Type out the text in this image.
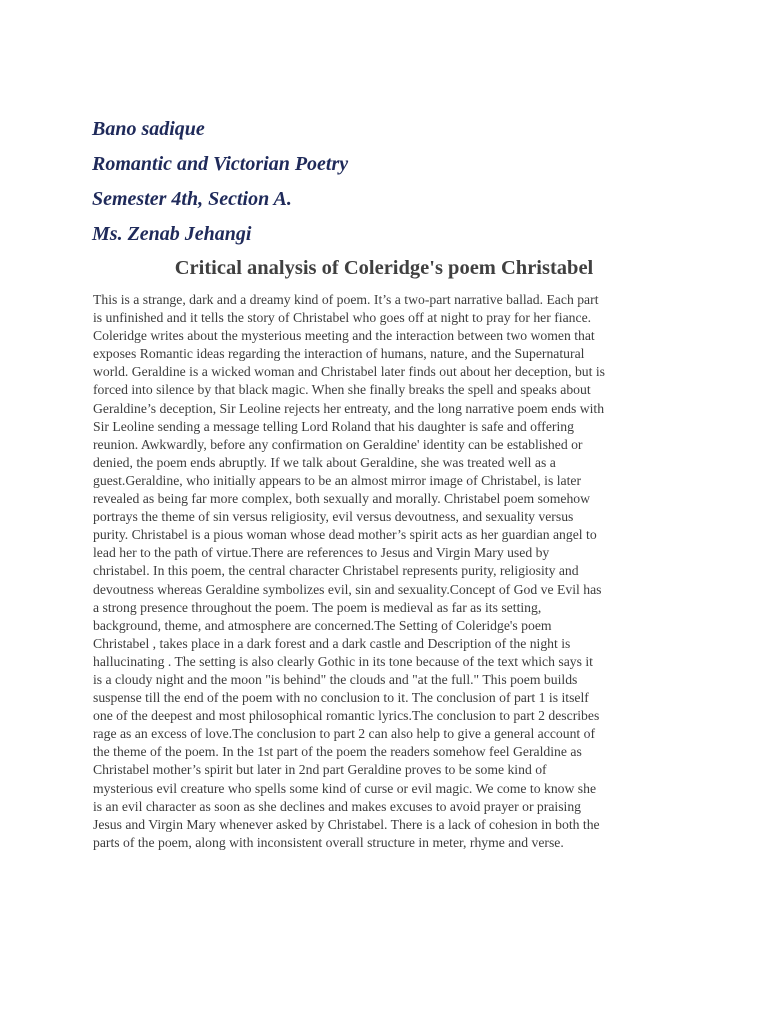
Bano sadique
Romantic and Victorian Poetry
Semester 4th, Section A.
Ms. Zenab Jehangi
Critical analysis of Coleridge's poem Christabel
This is a strange, dark and a dreamy kind of poem. It’s a two-part narrative ballad. Each part
is unfinished and it tells the story of Christabel who goes off at night to pray for her fiance.
Coleridge writes about the mysterious meeting and the interaction between two women that
exposes Romantic ideas regarding the interaction of humans, nature, and the Supernatural
world. Geraldine is a wicked woman and Christabel later finds out about her deception, but is
forced into silence by that black magic. When she finally breaks the spell and speaks about
Geraldine’s deception, Sir Leoline rejects her entreaty, and the long narrative poem ends with
Sir Leoline sending a message telling Lord Roland that his daughter is safe and offering
reunion. Awkwardly, before any confirmation on Geraldine' identity can be established or
denied, the poem ends abruptly. If we talk about Geraldine, she was treated well as a
guest.Geraldine, who initially appears to be an almost mirror image of Christabel, is later
revealed as being far more complex, both sexually and morally. Christabel poem somehow
portrays the theme of sin versus religiosity, evil versus devoutness, and sexuality versus
purity. Christabel is a pious woman whose dead mother’s spirit acts as her guardian angel to
lead her to the path of virtue.There are references to Jesus and Virgin Mary used by
christabel. In this poem, the central character Christabel represents purity, religiosity and
devoutness whereas Geraldine symbolizes evil, sin and sexuality.Concept of God ve Evil has
a strong presence throughout the poem. The poem is medieval as far as its setting,
background, theme, and atmosphere are concerned.The Setting of Coleridge's poem
Christabel , takes place in a dark forest and a dark castle and Description of the night is
hallucinating . The setting is also clearly Gothic in its tone because of the text which says it
is a cloudy night and the moon "is behind" the clouds and "at the full." This poem builds
suspense till the end of the poem with no conclusion to it. The conclusion of part 1 is itself
one of the deepest and most philosophical romantic lyrics.The conclusion to part 2 describes
rage as an excess of love.The conclusion to part 2 can also help to give a general account of
the theme of the poem. In the 1st part of the poem the readers somehow feel Geraldine as
Christabel mother’s spirit but later in 2nd part Geraldine proves to be some kind of
mysterious evil creature who spells some kind of curse or evil magic. We come to know she
is an evil character as soon as she declines and makes excuses to avoid prayer or praising
Jesus and Virgin Mary whenever asked by Christabel. There is a lack of cohesion in both the
parts of the poem, along with inconsistent overall structure in meter, rhyme and verse.
